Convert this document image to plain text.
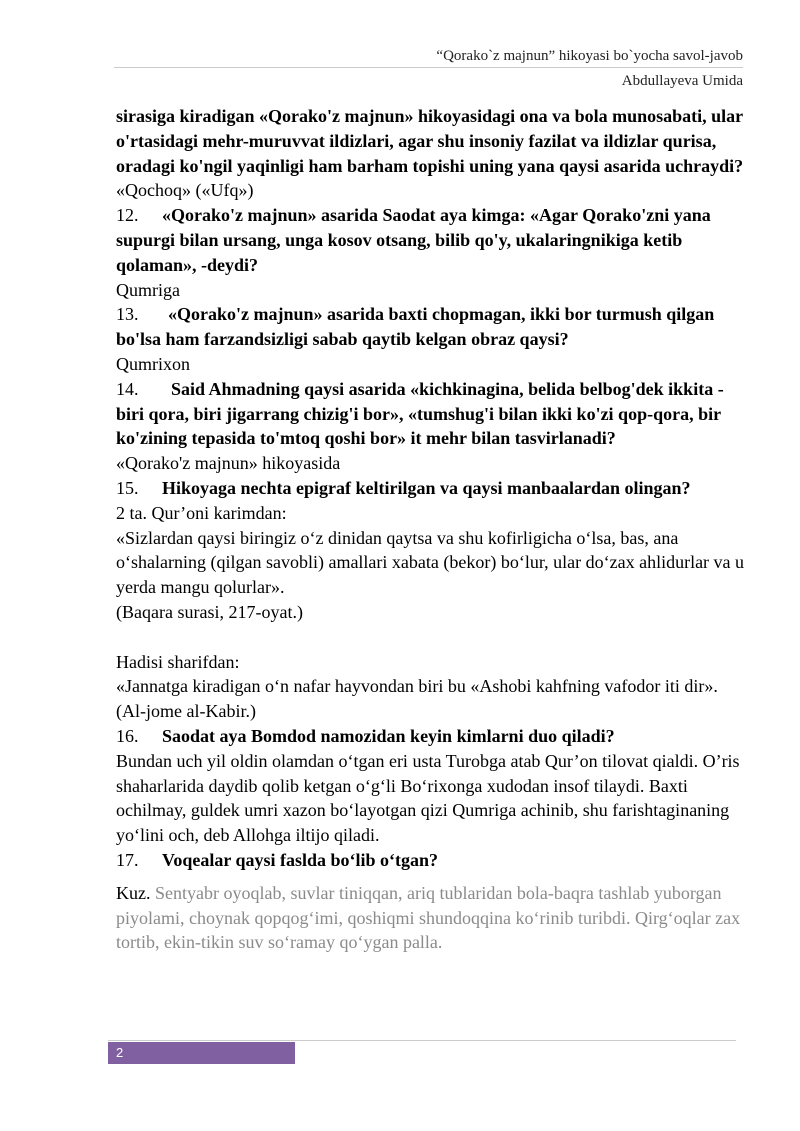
“Qorako`z majnun” hikoyasi bo`yocha savol-javob
Abdullayeva Umida

sirasiga kiradigan «Qorako'z majnun» hikoyasidagi ona va bola munosabati, ular o'rtasidagi mehr-muruvvat ildizlari, agar shu insoniy fazilat va ildizlar qurisa, oradagi ko'ngil yaqinligi ham barham topishi uning yana qaysi asarida uchraydi?

«Qochoq» («Ufq»)

12. «Qorako'z majnun» asarida Saodat aya kimga: «Agar Qorako'zni yana supurgi bilan ursang, unga kosov otsang, bilib qo'y, ukalaringnikiga ketib qolaman», -deydi?

Qumriga

13. «Qorako'z majnun» asarida baxti chopmagan, ikki bor turmush qilgan bo'lsa ham farzandsizligi sabab qaytib kelgan obraz qaysi?

Qumrixon

14. Said Ahmadning qaysi asarida «kichkinagina, belida belbog'dek ikkita - biri qora, biri jigarrang chizig'i bor», «tumshug'i bilan ikki ko'zi qop-qora, bir ko'zining tepasida to'mtoq qoshi bor» it mehr bilan tasvirlanadi?

«Qorako'z majnun» hikoyasida

15. Hikoyaga nechta epigraf keltirilgan va qaysi manbaalardan olingan?

2 ta. Qur’oni karimdan:

«Sizlardan qaysi biringiz o‘z dinidan qaytsa va shu kofirligicha o‘lsa, bas, ana o‘shalarning (qilgan savobli) amallari xabata (bekor) bo‘lur, ular do‘zax ahlidurlar va u yerda mangu qolurlar».

(Baqara surasi, 217-oyat.)

Hadisi sharifdan:

«Jannatga kiradigan o‘n nafar hayvondan biri bu «Ashobi kahfning vafodor iti dir». (Al-jome al-Kabir.)

16. Saodat aya Bomdod namozidan keyin kimlarni duo qiladi?

Bundan uch yil oldin olamdan o‘tgan eri usta Turobga atab Qur’on tilovat qialdi. O’ris shaharlarida daydib qolib ketgan o‘g‘li Bo‘rixonga xudodan insof tilaydi. Baxti ochilmay, guldek umri xazon bo‘layotgan qizi Qumriga achinib, shu farishtaginaning yo‘lini och, deb Allohga iltijo qiladi.

17. Voqealar qaysi faslda bo‘lib o‘tgan?

Kuz. Sentyabr oyoqlab, suvlar tiniqqan, ariq tublaridan bola-baqra tashlab yuborgan piyolami, choynak qopqog‘imi, qoshiqmi shundoqqina ko‘rinib turibdi. Qirg‘oqlar zax tortib, ekin-tikin suv so‘ramay qo‘ygan palla.

2
